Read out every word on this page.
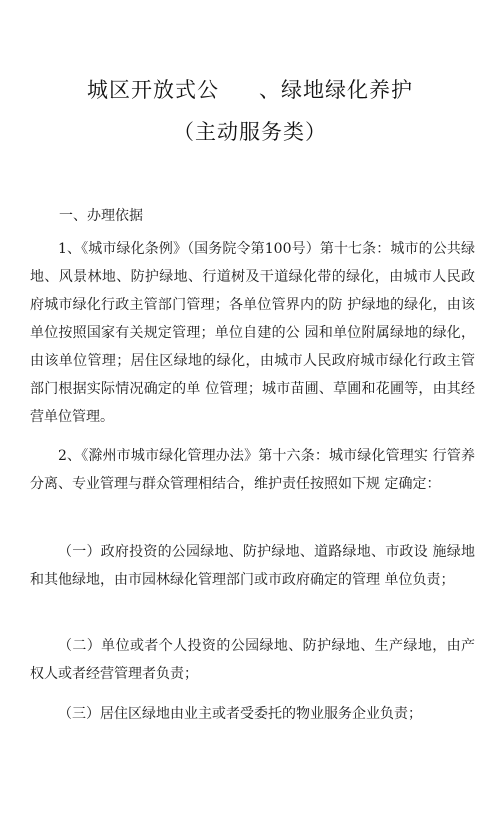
城区开放式公 、绿地绿化养护
（主动服务类）
一、办理依据

1、《城市绿化条例》（国务院令第100号）第十七条：城市的公共绿地、风景林地、防护绿地、行道树及干道绿化带的绿化，由城市人民政府城市绿化行政主管部门管理；各单位管界内的防 护绿地的绿化，由该单位按照国家有关规定管理；单位自建的公 园和单位附属绿地的绿化，由该单位管理；居住区绿地的绿化，由城市人民政府城市绿化行政主管部门根据实际情况确定的单 位管理；城市苗圃、草圃和花圃等，由其经营单位管理。

2、《滁州市城市绿化管理办法》第十六条：城市绿化管理实 行管养分离、专业管理与群众管理相结合，维护责任按照如下规 定确定：

（一）政府投资的公园绿地、防护绿地、道路绿地、市政设 施绿地和其他绿地，由市园林绿化管理部门或市政府确定的管理 单位负责；

（二）单位或者个人投资的公园绿地、防护绿地、生产绿地，由产权人或者经营管理者负责；

（三）居住区绿地由业主或者受委托的物业服务企业负责；
